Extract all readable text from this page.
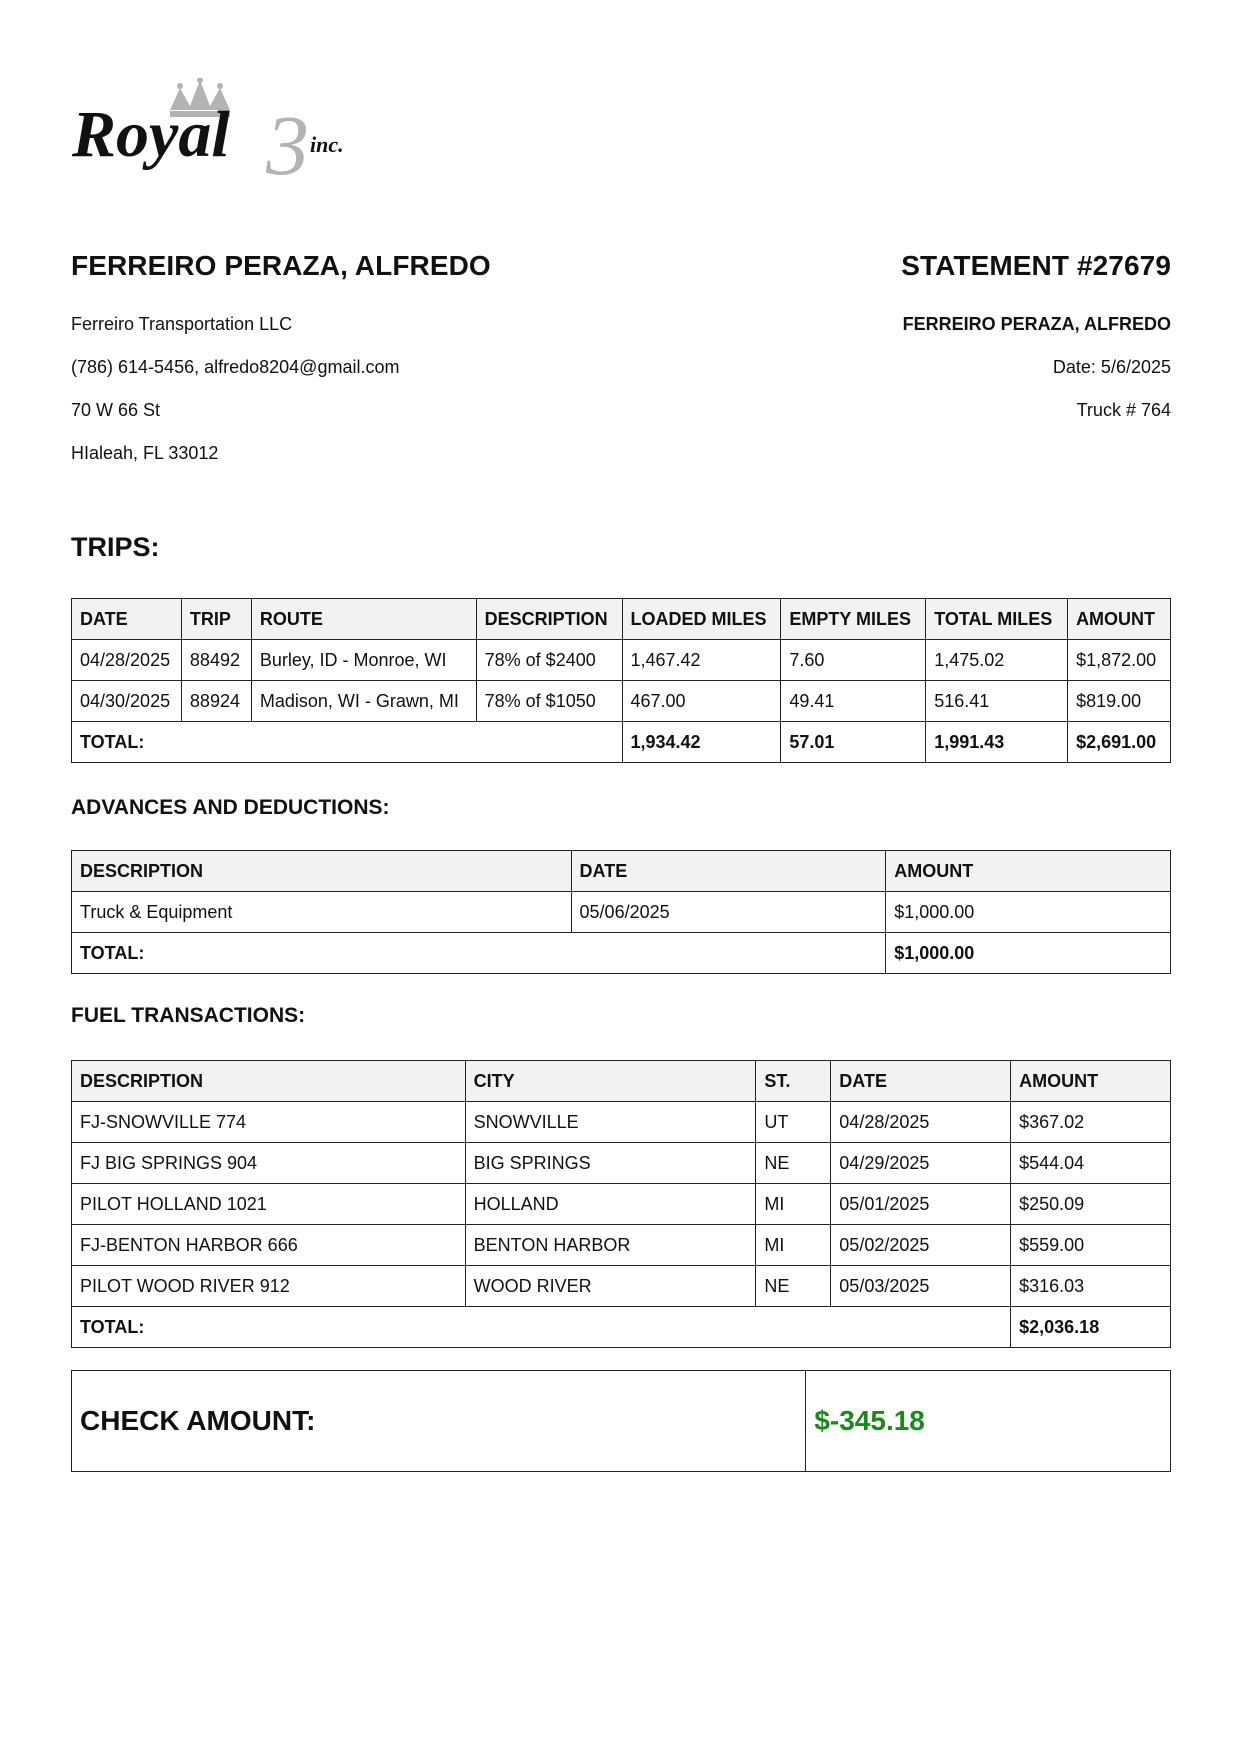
Royal 3 inc.
FERREIRO PERAZA, ALFREDO
Ferreiro Transportation LLC
(786) 614-5456, alfredo8204@gmail.com
70 W 66 St
HIaleah, FL 33012
STATEMENT #27679
FERREIRO PERAZA, ALFREDO
Date: 5/6/2025
Truck # 764
TRIPS:
DATE	TRIP	ROUTE	DESCRIPTION	LOADED MILES	EMPTY MILES	TOTAL MILES	AMOUNT
04/28/2025	88492	Burley, ID - Monroe, WI	78% of $2400	1,467.42	7.60	1,475.02	$1,872.00
04/30/2025	88924	Madison, WI - Grawn, MI	78% of $1050	467.00	49.41	516.41	$819.00
TOTAL:				1,934.42	57.01	1,991.43	$2,691.00
ADVANCES AND DEDUCTIONS:
DESCRIPTION	DATE	AMOUNT
Truck & Equipment	05/06/2025	$1,000.00
TOTAL:		$1,000.00
FUEL TRANSACTIONS:
DESCRIPTION	CITY	ST.	DATE	AMOUNT
FJ-SNOWVILLE 774	SNOWVILLE	UT	04/28/2025	$367.02
FJ BIG SPRINGS 904	BIG SPRINGS	NE	04/29/2025	$544.04
PILOT HOLLAND 1021	HOLLAND	MI	05/01/2025	$250.09
FJ-BENTON HARBOR 666	BENTON HARBOR	MI	05/02/2025	$559.00
PILOT WOOD RIVER 912	WOOD RIVER	NE	05/03/2025	$316.03
TOTAL:				$2,036.18
CHECK AMOUNT:	$-345.18
